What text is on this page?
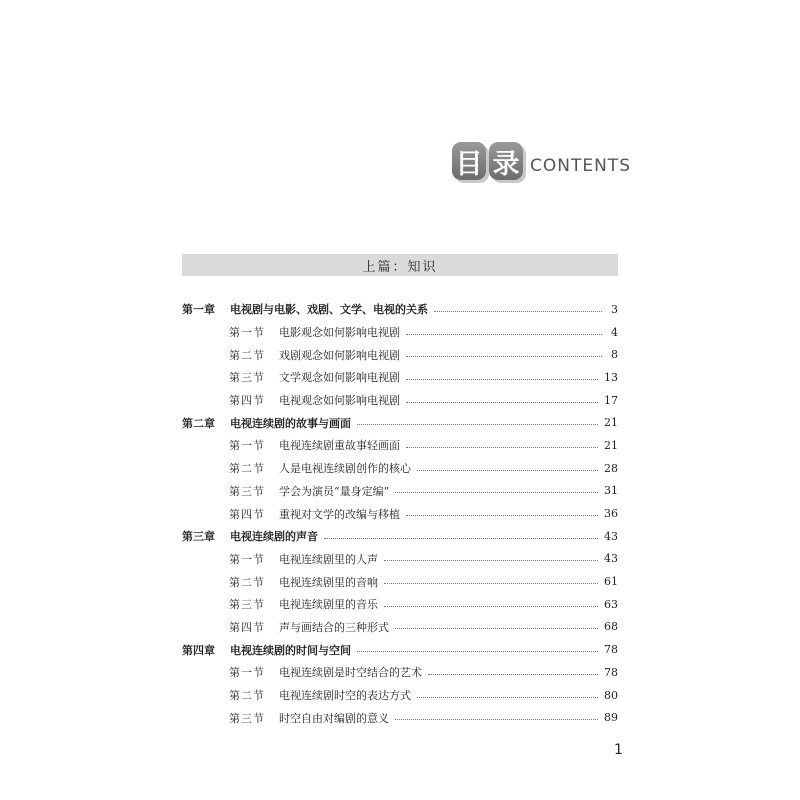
目 录 CONTENTS
上篇：知识
第一章	电视剧与电影、戏剧、文学、电视的关系	3
第一节	电影观念如何影响电视剧	4
第二节	戏剧观念如何影响电视剧	8
第三节	文学观念如何影响电视剧	13
第四节	电视观念如何影响电视剧	17
第二章	电视连续剧的故事与画面	21
第一节	电视连续剧重故事轻画面	21
第二节	人是电视连续剧创作的核心	28
第三节	学会为演员“量身定编”	31
第四节	重视对文学的改编与移植	36
第三章	电视连续剧的声音	43
第一节	电视连续剧里的人声	43
第二节	电视连续剧里的音响	61
第三节	电视连续剧里的音乐	63
第四节	声与画结合的三种形式	68
第四章	电视连续剧的时间与空间	78
第一节	电视连续剧是时空结合的艺术	78
第二节	电视连续剧时空的表达方式	80
第三节	时空自由对编剧的意义	89
1
